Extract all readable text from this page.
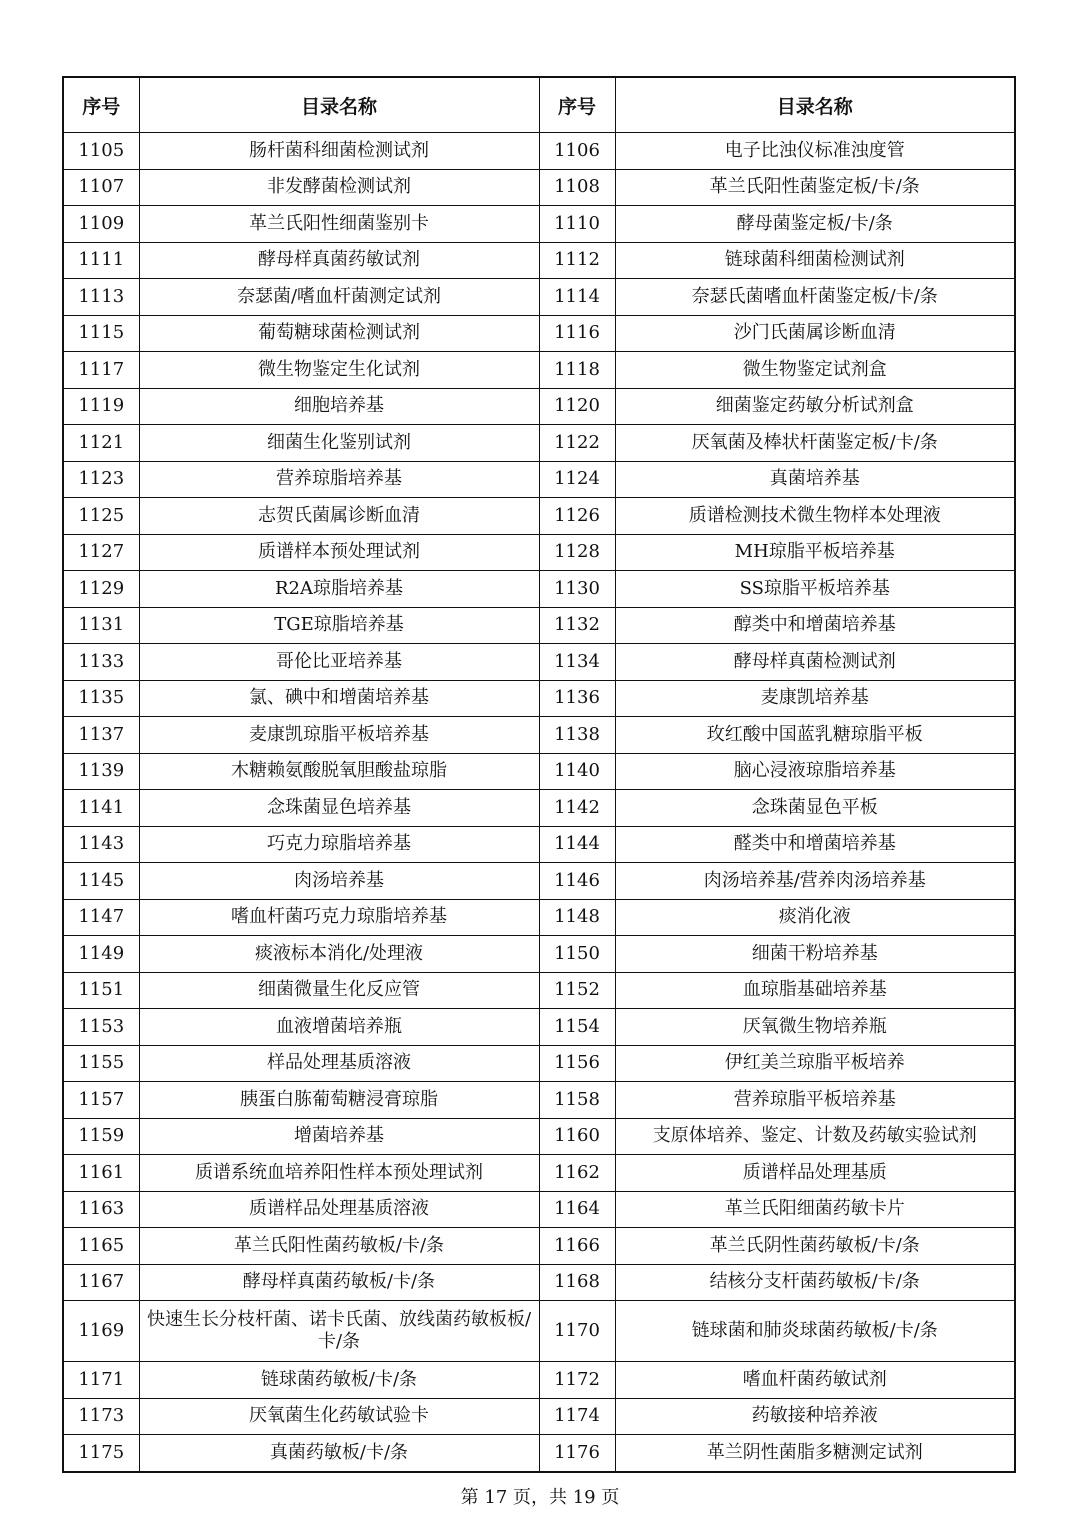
序号	目录名称	序号	目录名称
1105	肠杆菌科细菌检测试剂	1106	电子比浊仪标准浊度管
1107	非发酵菌检测试剂	1108	革兰氏阳性菌鉴定板/卡/条
1109	革兰氏阳性细菌鉴别卡	1110	酵母菌鉴定板/卡/条
1111	酵母样真菌药敏试剂	1112	链球菌科细菌检测试剂
1113	奈瑟菌/嗜血杆菌测定试剂	1114	奈瑟氏菌嗜血杆菌鉴定板/卡/条
1115	葡萄糖球菌检测试剂	1116	沙门氏菌属诊断血清
1117	微生物鉴定生化试剂	1118	微生物鉴定试剂盒
1119	细胞培养基	1120	细菌鉴定药敏分析试剂盒
1121	细菌生化鉴别试剂	1122	厌氧菌及棒状杆菌鉴定板/卡/条
1123	营养琼脂培养基	1124	真菌培养基
1125	志贺氏菌属诊断血清	1126	质谱检测技术微生物样本处理液
1127	质谱样本预处理试剂	1128	MH琼脂平板培养基
1129	R2A琼脂培养基	1130	SS琼脂平板培养基
1131	TGE琼脂培养基	1132	醇类中和增菌培养基
1133	哥伦比亚培养基	1134	酵母样真菌检测试剂
1135	氯、碘中和增菌培养基	1136	麦康凯培养基
1137	麦康凯琼脂平板培养基	1138	玫红酸中国蓝乳糖琼脂平板
1139	木糖赖氨酸脱氧胆酸盐琼脂	1140	脑心浸液琼脂培养基
1141	念珠菌显色培养基	1142	念珠菌显色平板
1143	巧克力琼脂培养基	1144	醛类中和增菌培养基
1145	肉汤培养基	1146	肉汤培养基/营养肉汤培养基
1147	嗜血杆菌巧克力琼脂培养基	1148	痰消化液
1149	痰液标本消化/处理液	1150	细菌干粉培养基
1151	细菌微量生化反应管	1152	血琼脂基础培养基
1153	血液增菌培养瓶	1154	厌氧微生物培养瓶
1155	样品处理基质溶液	1156	伊红美兰琼脂平板培养
1157	胰蛋白胨葡萄糖浸膏琼脂	1158	营养琼脂平板培养基
1159	增菌培养基	1160	支原体培养、鉴定、计数及药敏实验试剂
1161	质谱系统血培养阳性样本预处理试剂	1162	质谱样品处理基质
1163	质谱样品处理基质溶液	1164	革兰氏阳细菌药敏卡片
1165	革兰氏阳性菌药敏板/卡/条	1166	革兰氏阴性菌药敏板/卡/条
1167	酵母样真菌药敏板/卡/条	1168	结核分支杆菌药敏板/卡/条
1169	快速生长分枝杆菌、诺卡氏菌、放线菌药敏板板/卡/条	1170	链球菌和肺炎球菌药敏板/卡/条
1171	链球菌药敏板/卡/条	1172	嗜血杆菌药敏试剂
1173	厌氧菌生化药敏试验卡	1174	药敏接种培养液
1175	真菌药敏板/卡/条	1176	革兰阴性菌脂多糖测定试剂
第 17 页，共 19 页
